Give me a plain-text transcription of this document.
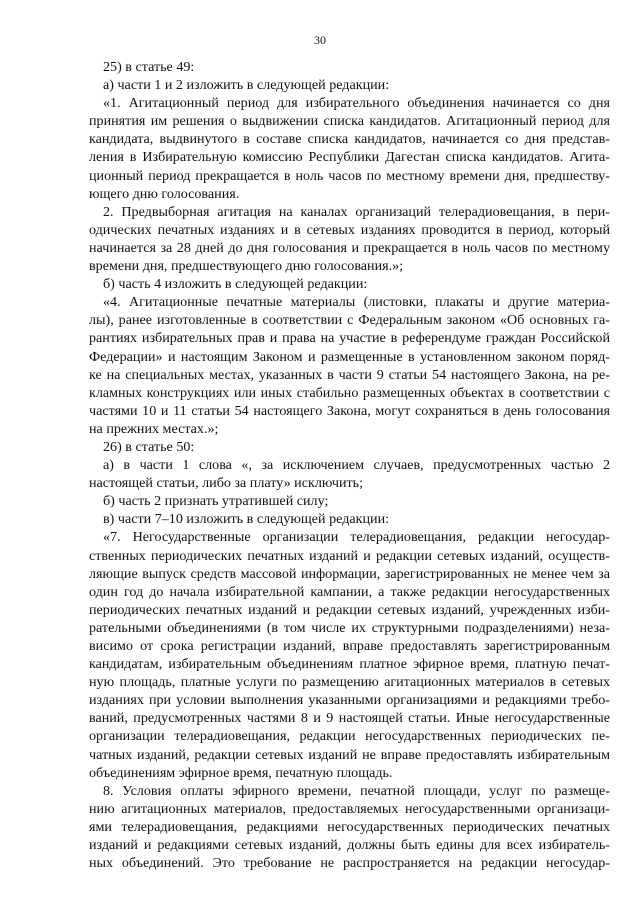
30
25) в статье 49:
а) части 1 и 2 изложить в следующей редакции:
«1. Агитационный период для избирательного объединения начинается со дня
принятия им решения о выдвижении списка кандидатов. Агитационный период для
кандидата, выдвинутого в составе списка кандидатов, начинается со дня представ-
ления в Избирательную комиссию Республики Дагестан списка кандидатов. Агита-
ционный период прекращается в ноль часов по местному времени дня, предшеству-
ющего дню голосования.
2. Предвыборная агитация на каналах организаций телерадиовещания, в пери-
одических печатных изданиях и в сетевых изданиях проводится в период, который
начинается за 28 дней до дня голосования и прекращается в ноль часов по местному
времени дня, предшествующего дню голосования.»;
б) часть 4 изложить в следующей редакции:
«4. Агитационные печатные материалы (листовки, плакаты и другие материа-
лы), ранее изготовленные в соответствии с Федеральным законом «Об основных га-
рантиях избирательных прав и права на участие в референдуме граждан Российской
Федерации» и настоящим Законом и размещенные в установленном законом поряд-
ке на специальных местах, указанных в части 9 статьи 54 настоящего Закона, на ре-
кламных конструкциях или иных стабильно размещенных объектах в соответствии с
частями 10 и 11 статьи 54 настоящего Закона, могут сохраняться в день голосования
на прежних местах.»;
26) в статье 50:
а) в части 1 слова «, за исключением случаев, предусмотренных частью 2
настоящей статьи, либо за плату» исключить;
б) часть 2 признать утратившей силу;
в) части 7–10 изложить в следующей редакции:
«7. Негосударственные организации телерадиовещания, редакции негосудар-
ственных периодических печатных изданий и редакции сетевых изданий, осуществ-
ляющие выпуск средств массовой информации, зарегистрированных не менее чем за
один год до начала избирательной кампании, а также редакции негосударственных
периодических печатных изданий и редакции сетевых изданий, учрежденных изби-
рательными объединениями (в том числе их структурными подразделениями) неза-
висимо от срока регистрации изданий, вправе предоставлять зарегистрированным
кандидатам, избирательным объединениям платное эфирное время, платную печат-
ную площадь, платные услуги по размещению агитационных материалов в сетевых
изданиях при условии выполнения указанными организациями и редакциями требо-
ваний, предусмотренных частями 8 и 9 настоящей статьи. Иные негосударственные
организации телерадиовещания, редакции негосударственных периодических пе-
чатных изданий, редакции сетевых изданий не вправе предоставлять избирательным
объединениям эфирное время, печатную площадь.
8. Условия оплаты эфирного времени, печатной площади, услуг по размеще-
нию агитационных материалов, предоставляемых негосударственными организаци-
ями телерадиовещания, редакциями негосударственных периодических печатных
изданий и редакциями сетевых изданий, должны быть едины для всех избиратель-
ных объединений. Это требование не распространяется на редакции негосудар-
